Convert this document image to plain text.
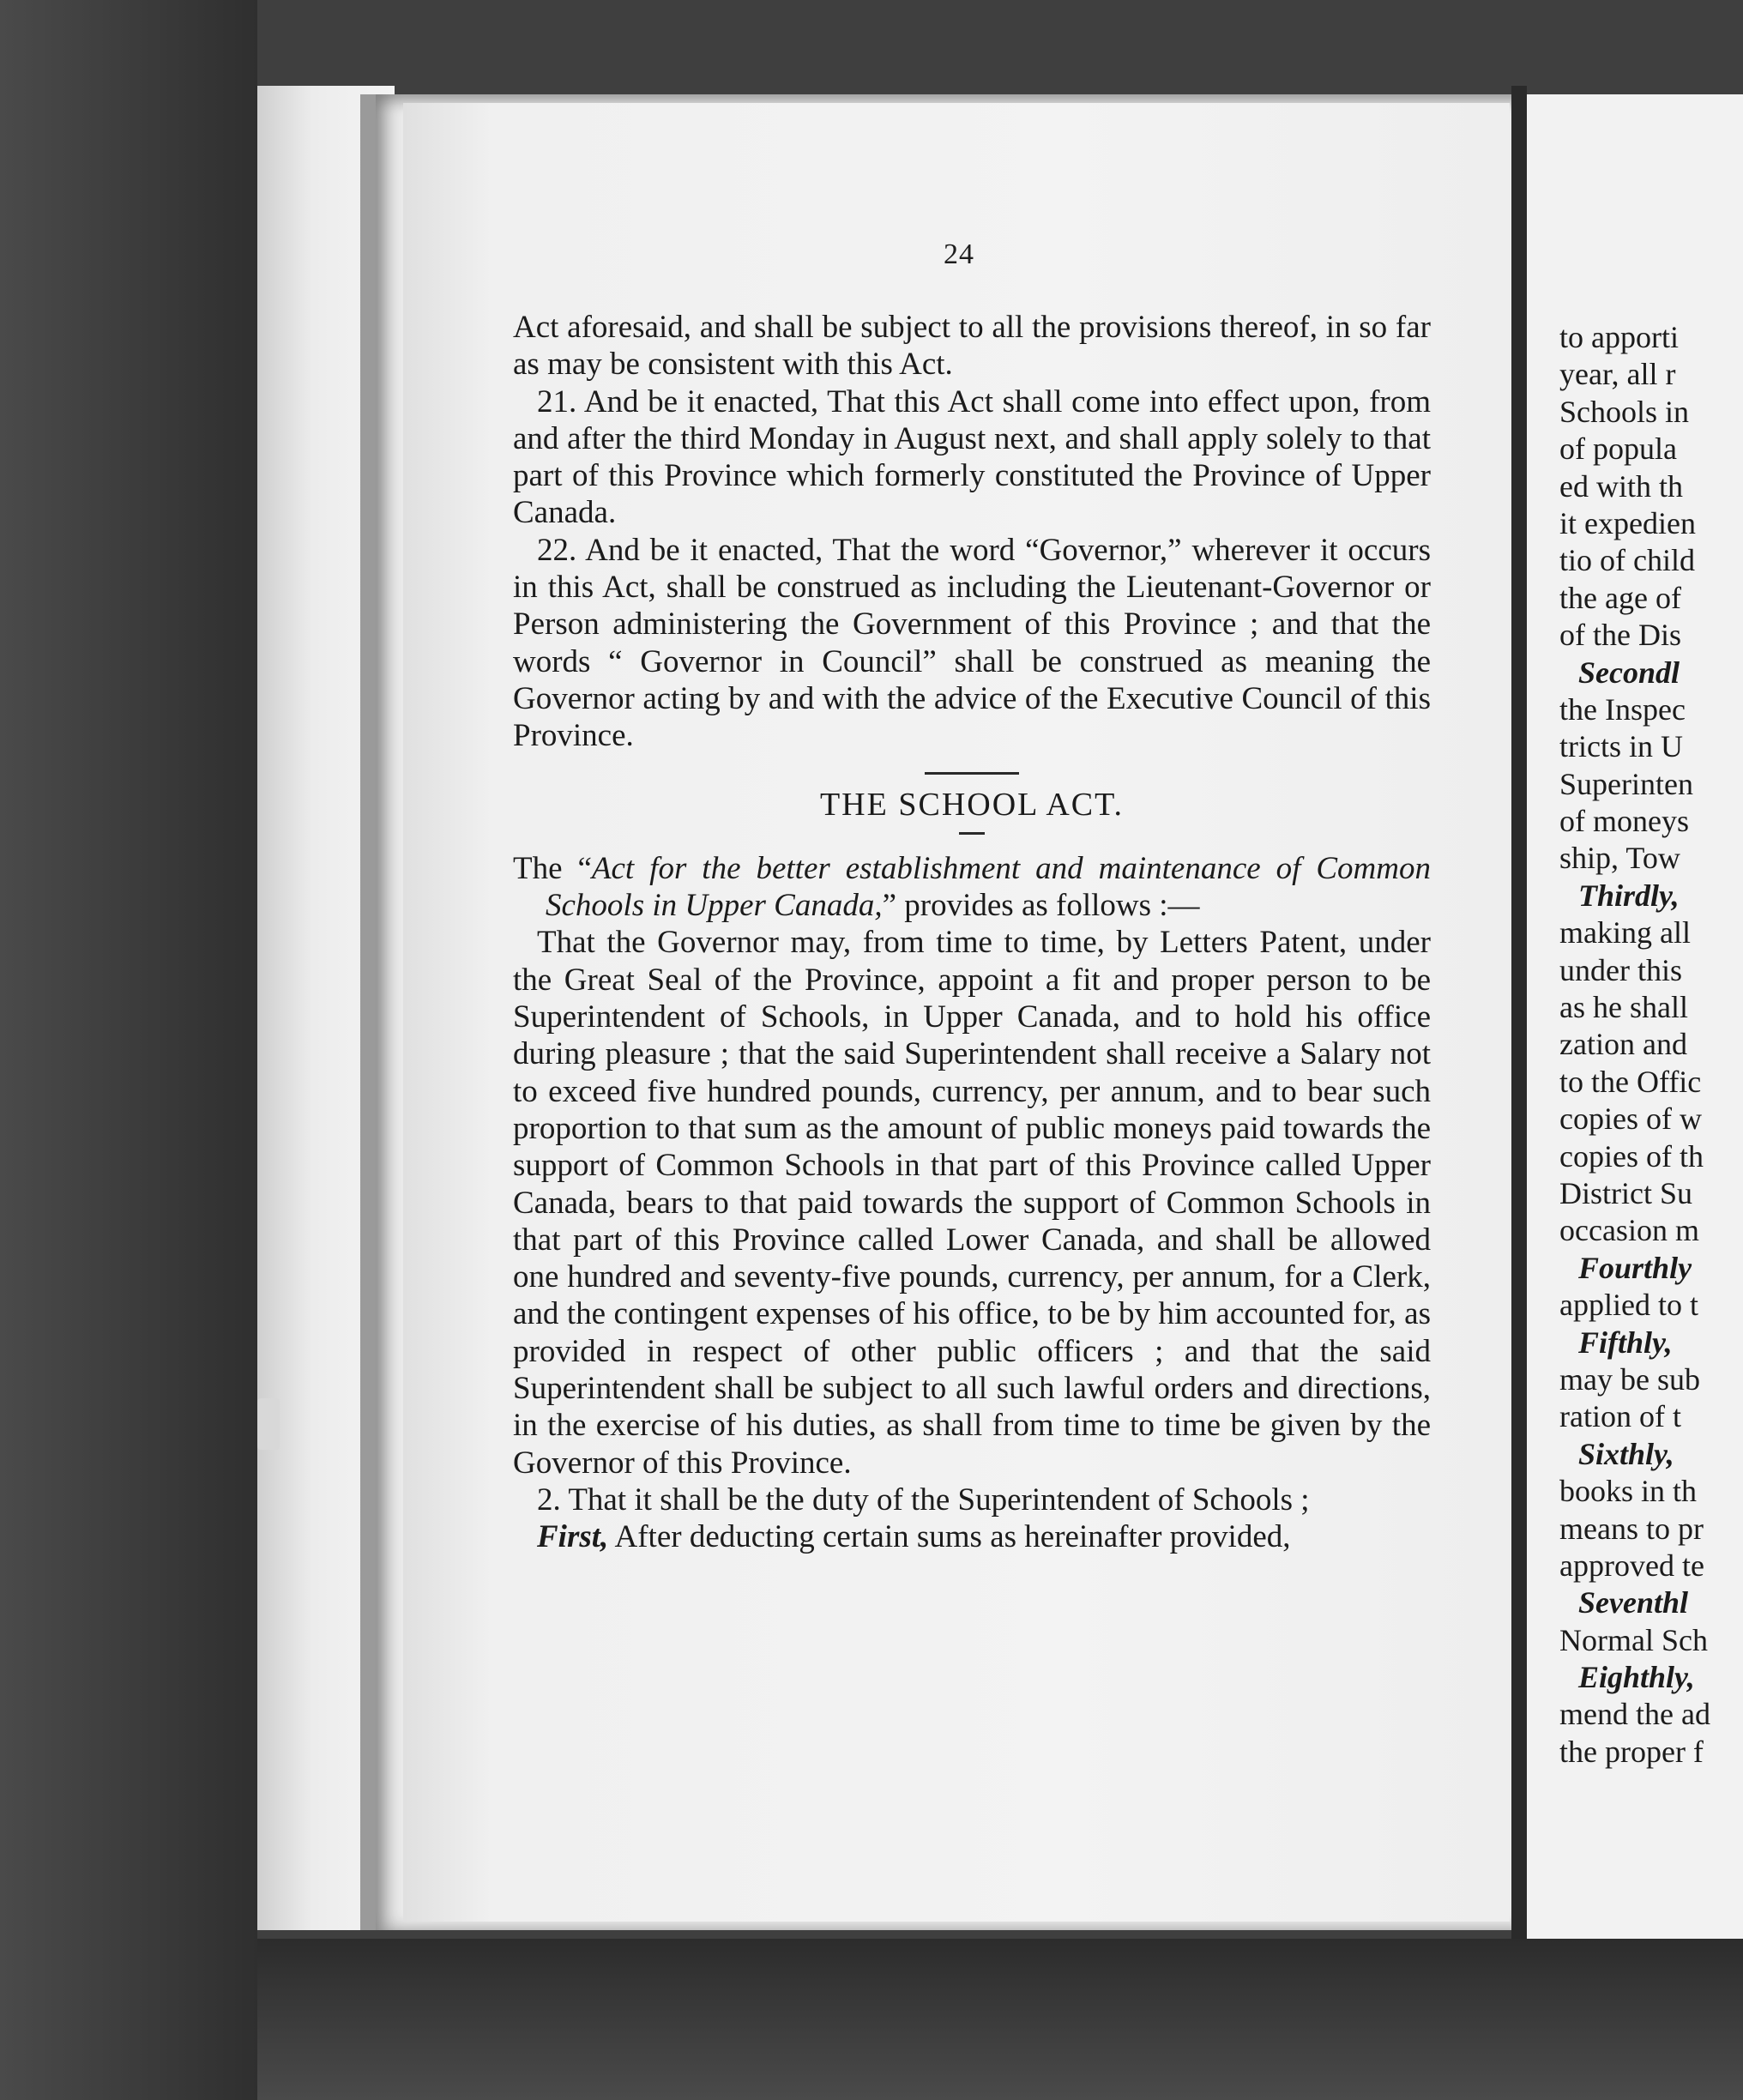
24

Act aforesaid, and shall be subject to all the provisions thereof, in so far as may be consistent with this Act.

21. And be it enacted, That this Act shall come into effect upon, from and after the third Monday in August next, and shall apply solely to that part of this Province which formerly constituted the Province of Upper Canada.

22. And be it enacted, That the word “Governor,” wherever it occurs in this Act, shall be construed as including the Lieutenant-Governor or Person administering the Government of this Province ; and that the words “ Governor in Council” shall be construed as meaning the Governor acting by and with the advice of the Executive Council of this Province.

THE SCHOOL ACT.

The “Act for the better establishment and maintenance of Common Schools in Upper Canada,” provides as follows :—

That the Governor may, from time to time, by Letters Patent, under the Great Seal of the Province, appoint a fit and proper person to be Superintendent of Schools, in Upper Canada, and to hold his office during pleasure ; that the said Superintendent shall receive a Salary not to exceed five hundred pounds, currency, per annum, and to bear such proportion to that sum as the amount of public moneys paid towards the support of Common Schools in that part of this Province called Upper Canada, bears to that paid towards the support of Common Schools in that part of this Province called Lower Canada, and shall be allowed one hundred and seventy-five pounds, currency, per annum, for a Clerk, and the contingent expenses of his office, to be by him accounted for, as provided in respect of other public officers ; and that the said Superintendent shall be subject to all such lawful orders and directions, in the exercise of his duties, as shall from time to time be given by the Governor of this Province.

2. That it shall be the duty of the Superintendent of Schools ;

First, After deducting certain sums as hereinafter provided,

to apporti
year, all r
Schools in
of popula
ed with th
it expedien
tio of child
the age of
of the Dis
Secondl
the Inspec
tricts in U
Superinten
of moneys
ship, Tow
Thirdly,
making all
under this
as he shall
zation and
to the Offic
copies of w
copies of th
District Su
occasion m
Fourthly
applied to t
Fifthly,
may be sub
ration of t
Sixthly,
books in th
means to pr
approved te
Seventhl
Normal Sch
Eighthly,
mend the ad
the proper f
